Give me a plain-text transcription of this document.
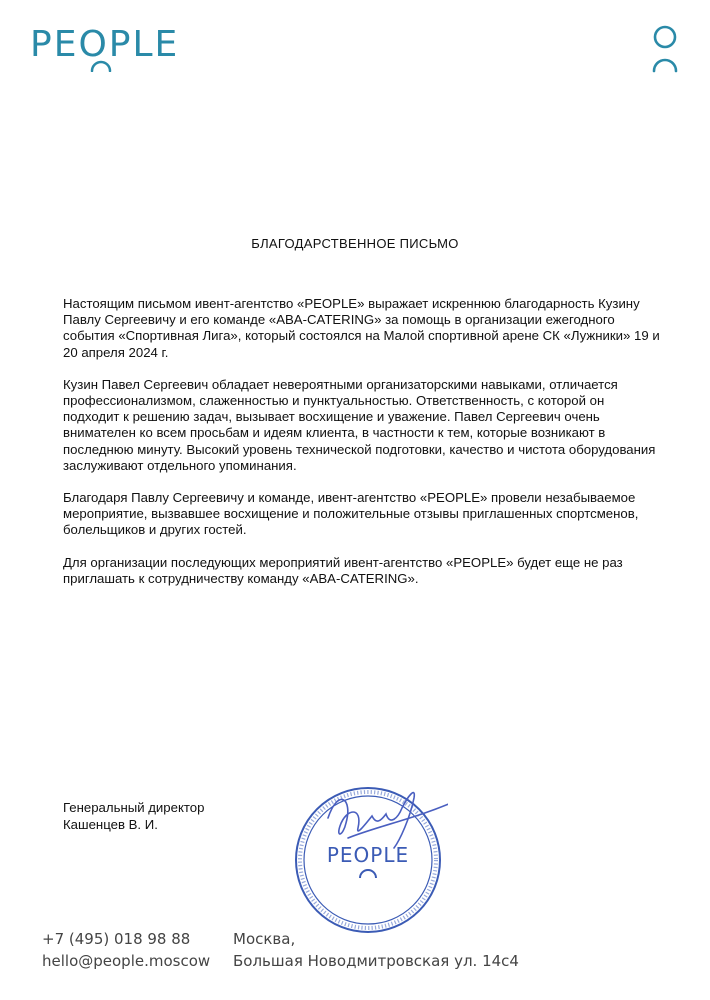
PEOPLE
БЛАГОДАРСТВЕННОЕ ПИСЬМО

Настоящим письмом ивент-агентство «PEOPLE» выражает искреннюю благодарность Кузину Павлу Сергеевичу и его команде «ABA-CATERING» за помощь в организации ежегодного события «Спортивная Лига», который состоялся на Малой спортивной арене СК «Лужники» 19 и 20 апреля 2024 г.

Кузин Павел Сергеевич обладает невероятными организаторскими навыками, отличается профессионализмом, слаженностью и пунктуальностью. Ответственность, с которой он подходит к решению задач, вызывает восхищение и уважение. Павел Сергеевич очень внимателен ко всем просьбам и идеям клиента, в частности к тем, которые возникают в последнюю минуту. Высокий уровень технической подготовки, качество и чистота оборудования заслуживают отдельного упоминания.

Благодаря Павлу Сергеевичу и команде, ивент-агентство «PEOPLE» провели незабываемое мероприятие, вызвавшее восхищение и положительные отзывы приглашенных спортсменов, болельщиков и других гостей.

Для организации последующих мероприятий ивент-агентство «PEOPLE» будет еще не раз приглашать к сотрудничеству команду «ABA-CATERING».

Генеральный директор
Кашенцев В. И.
PEOPLE
+7 (495) 018 98 88
hello@people.moscow
Москва,
Большая Новодмитровская ул. 14с4
